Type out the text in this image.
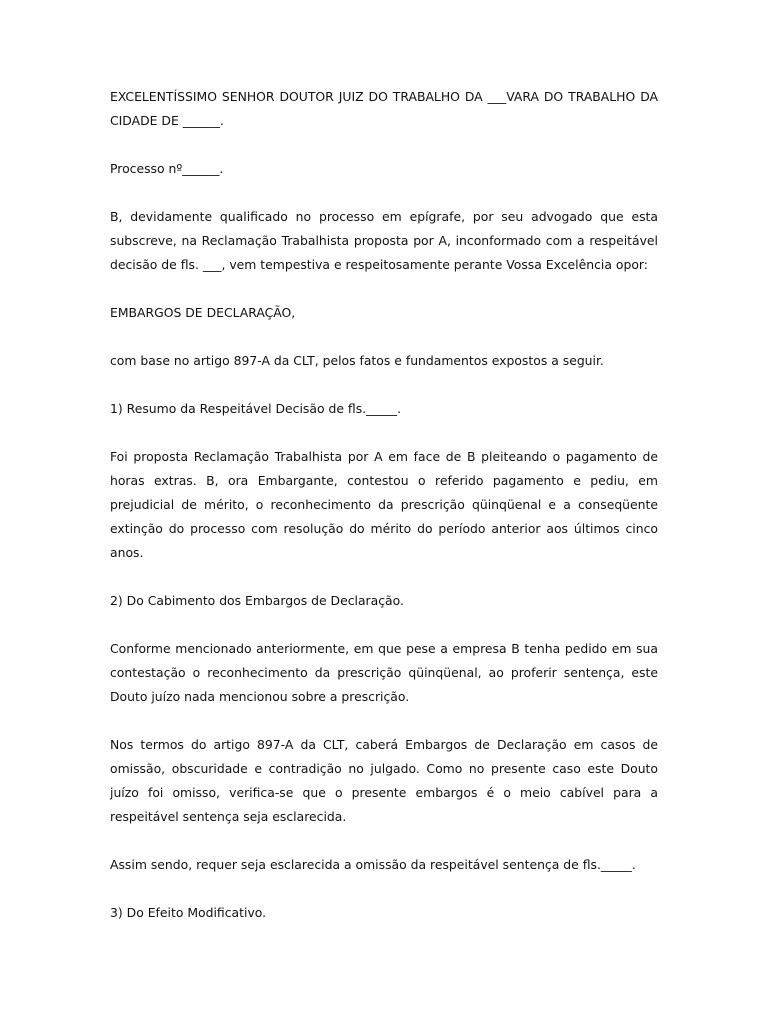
EXCELENTÍSSIMO SENHOR DOUTOR JUIZ DO TRABALHO DA ___VARA DO TRABALHO DA CIDADE DE ______.

Processo nº______.

B, devidamente qualificado no processo em epígrafe, por seu advogado que esta subscreve, na Reclamação Trabalhista proposta por A, inconformado com a respeitável decisão de fls. ___, vem tempestiva e respeitosamente perante Vossa Excelência opor:

EMBARGOS DE DECLARAÇÃO,

com base no artigo 897-A da CLT, pelos fatos e fundamentos expostos a seguir.

1) Resumo da Respeitável Decisão de fls._____.

Foi proposta Reclamação Trabalhista por A em face de B pleiteando o pagamento de horas extras. B, ora Embargante, contestou o referido pagamento e pediu, em prejudicial de mérito, o reconhecimento da prescrição qüinqüenal e a conseqüente extinção do processo com resolução do mérito do período anterior aos últimos cinco anos.

2) Do Cabimento dos Embargos de Declaração.

Conforme mencionado anteriormente, em que pese a empresa B tenha pedido em sua contestação o reconhecimento da prescrição qüinqüenal, ao proferir sentença, este Douto juízo nada mencionou sobre a prescrição.

Nos termos do artigo 897-A da CLT, caberá Embargos de Declaração em casos de omissão, obscuridade e contradição no julgado. Como no presente caso este Douto juízo foi omisso, verifica-se que o presente embargos é o meio cabível para a respeitável sentença seja esclarecida.

Assim sendo, requer seja esclarecida a omissão da respeitável sentença de fls._____.

3) Do Efeito Modificativo.
